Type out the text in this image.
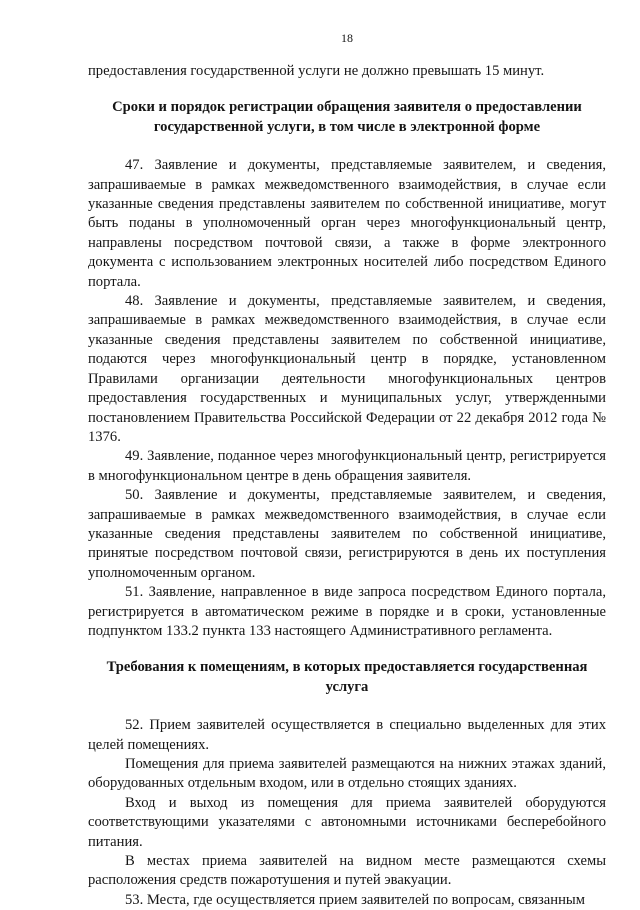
18

предоставления государственной услуги не должно превышать 15 минут.

Сроки и порядок регистрации обращения заявителя о предоставлении государственной услуги, в том числе в электронной форме

47. Заявление и документы, представляемые заявителем, и сведения, запрашиваемые в рамках межведомственного взаимодействия, в случае если указанные сведения представлены заявителем по собственной инициативе, могут быть поданы в уполномоченный орган через многофункциональный центр, направлены посредством почтовой связи, а также в форме электронного документа с использованием электронных носителей либо посредством Единого портала.

48. Заявление и документы, представляемые заявителем, и сведения, запрашиваемые в рамках межведомственного взаимодействия, в случае если указанные сведения представлены заявителем по собственной инициативе, подаются через многофункциональный центр в порядке, установленном Правилами организации деятельности многофункциональных центров предоставления государственных и муниципальных услуг, утвержденными постановлением Правительства Российской Федерации от 22 декабря 2012 года № 1376.

49. Заявление, поданное через многофункциональный центр, регистрируется в многофункциональном центре в день обращения заявителя.

50. Заявление и документы, представляемые заявителем, и сведения, запрашиваемые в рамках межведомственного взаимодействия, в случае если указанные сведения представлены заявителем по собственной инициативе, принятые посредством почтовой связи, регистрируются в день их поступления уполномоченным органом.

51. Заявление, направленное в виде запроса посредством Единого портала, регистрируется в автоматическом режиме в порядке и в сроки, установленные подпунктом 133.2 пункта 133 настоящего Административного регламента.

Требования к помещениям, в которых предоставляется государственная услуга

52. Прием заявителей осуществляется в специально выделенных для этих целей помещениях.

Помещения для приема заявителей размещаются на нижних этажах зданий, оборудованных отдельным входом, или в отдельно стоящих зданиях.

Вход и выход из помещения для приема заявителей оборудуются соответствующими указателями с автономными источниками бесперебойного питания.

В местах приема заявителей на видном месте размещаются схемы расположения средств пожаротушения и путей эвакуации.

53. Места, где осуществляется прием заявителей по вопросам, связанным
